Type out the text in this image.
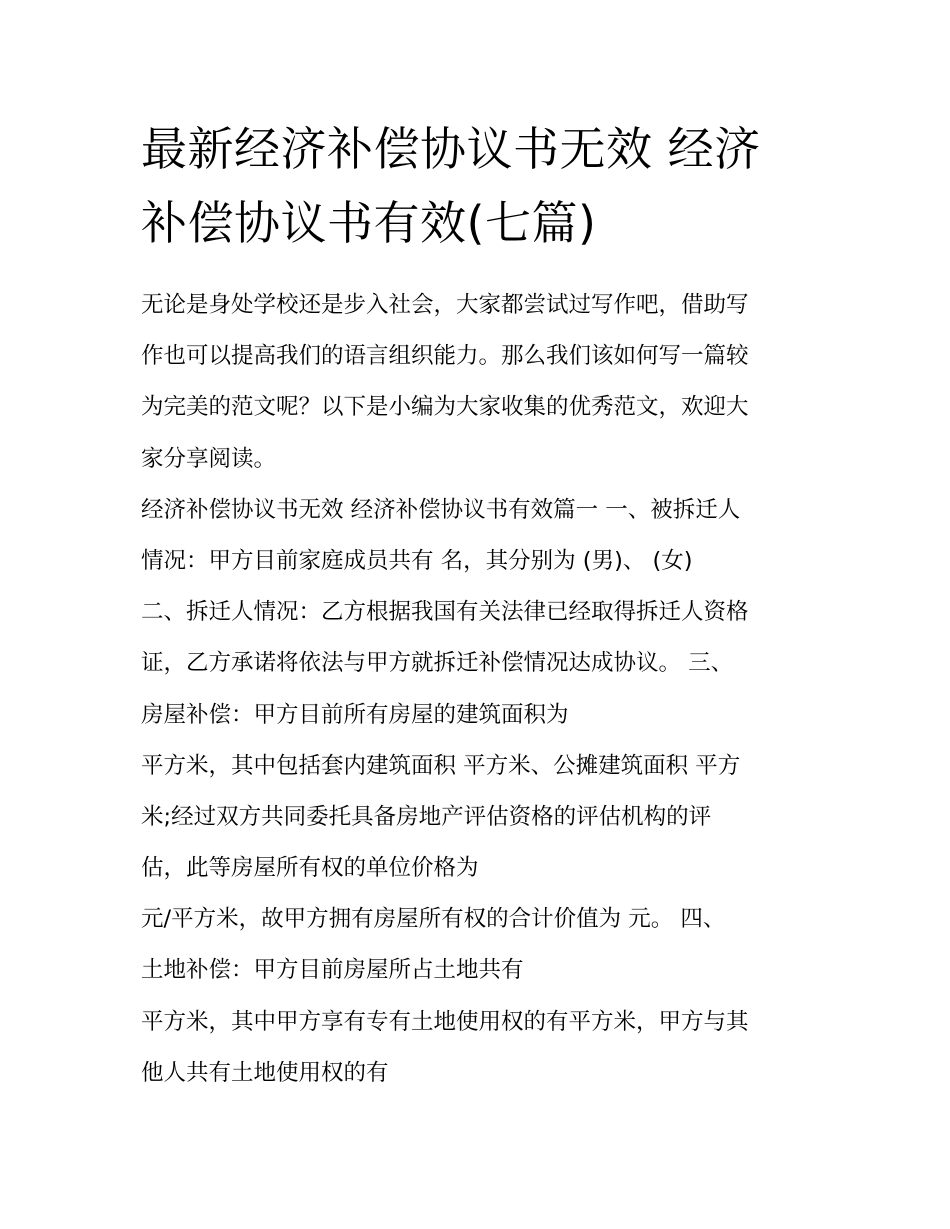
最新经济补偿协议书无效 经济
补偿协议书有效(七篇)
无论是身处学校还是步入社会，大家都尝试过写作吧，借助写
作也可以提高我们的语言组织能力。那么我们该如何写一篇较
为完美的范文呢？以下是小编为大家收集的优秀范文，欢迎大
家分享阅读。
经济补偿协议书无效 经济补偿协议书有效篇一 一、被拆迁人
情况：甲方目前家庭成员共有 名，其分别为 (男)、 (女)
二、拆迁人情况：乙方根据我国有关法律已经取得拆迁人资格
证，乙方承诺将依法与甲方就拆迁补偿情况达成协议。 三、
房屋补偿：甲方目前所有房屋的建筑面积为
平方米，其中包括套内建筑面积 平方米、公摊建筑面积 平方
米;经过双方共同委托具备房地产评估资格的评估机构的评
估，此等房屋所有权的单位价格为
元/平方米，故甲方拥有房屋所有权的合计价值为 元。 四、
土地补偿：甲方目前房屋所占土地共有
平方米，其中甲方享有专有土地使用权的有平方米，甲方与其
他人共有土地使用权的有
